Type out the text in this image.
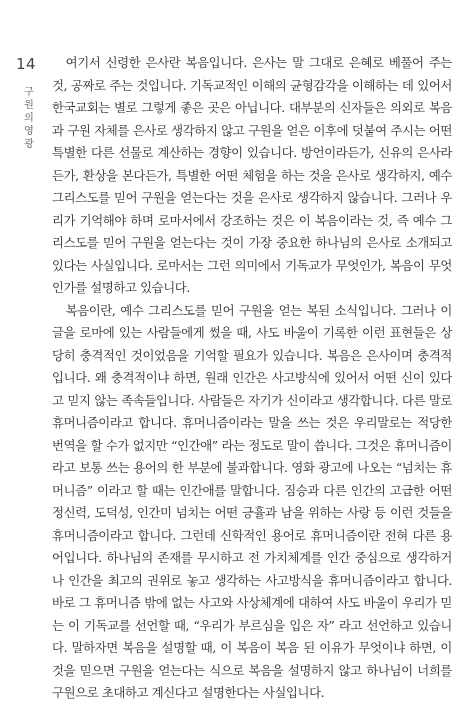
14
구원의 영광

여기서 신령한 은사란 복음입니다. 은사는 말 그대로 은혜로 베풀어 주는 것, 공짜로 주는 것입니다. 기독교적인 이해의 균형감각을 이해하는 데 있어서 한국교회는 별로 그렇게 좋은 곳은 아닙니다. 대부분의 신자들은 의외로 복음과 구원 자체를 은사로 생각하지 않고 구원을 얻은 이후에 덧붙여 주시는 어떤 특별한 다른 선물로 계산하는 경향이 있습니다. 방언이라든가, 신유의 은사라든가, 환상을 본다든가, 특별한 어떤 체험을 하는 것을 은사로 생각하지, 예수 그리스도를 믿어 구원을 얻는다는 것을 은사로 생각하지 않습니다. 그러나 우리가 기억해야 하며 로마서에서 강조하는 것은 이 복음이라는 것, 즉 예수 그리스도를 믿어 구원을 얻는다는 것이 가장 중요한 하나님의 은사로 소개되고 있다는 사실입니다. 로마서는 그런 의미에서 기독교가 무엇인가, 복음이 무엇인가를 설명하고 있습니다.

복음이란, 예수 그리스도를 믿어 구원을 얻는 복된 소식입니다. 그러나 이 글을 로마에 있는 사람들에게 썼을 때, 사도 바울이 기록한 이런 표현들은 상당히 충격적인 것이었음을 기억할 필요가 있습니다. 복음은 은사이며 충격적입니다. 왜 충격적이냐 하면, 원래 인간은 사고방식에 있어서 어떤 신이 있다고 믿지 않는 족속들입니다. 사람들은 자기가 신이라고 생각합니다. 다른 말로 휴머니즘이라고 합니다. 휴머니즘이라는 말을 쓰는 것은 우리말로는 적당한 번역을 할 수가 없지만 “인간애” 라는 정도로 말이 씁니다. 그것은 휴머니즘이라고 보통 쓰는 용어의 한 부분에 불과합니다. 영화 광고에 나오는 “넘치는 휴머니즘” 이라고 할 때는 인간애를 말합니다. 짐승과 다른 인간의 고급한 어떤 정신력, 도덕성, 인간미 넘치는 어떤 긍휼과 남을 위하는 사랑 등 이런 것들을 휴머니즘이라고 합니다. 그런데 신학적인 용어로 휴머니즘이란 전혀 다른 용어입니다. 하나님의 존재를 무시하고 전 가치체계를 인간 중심으로 생각하거나 인간을 최고의 권위로 놓고 생각하는 사고방식을 휴머니즘이라고 합니다. 바로 그 휴머니즘 밖에 없는 사고와 사상체계에 대하여 사도 바울이 우리가 믿는 이 기독교를 선언할 때, “우리가 부르심을 입은 자” 라고 선언하고 있습니다. 말하자면 복음을 설명할 때, 이 복음이 복음 된 이유가 무엇이냐 하면, 이것을 믿으면 구원을 얻는다는 식으로 복음을 설명하지 않고 하나님이 너희를 구원으로 초대하고 계신다고 설명한다는 사실입니다.
